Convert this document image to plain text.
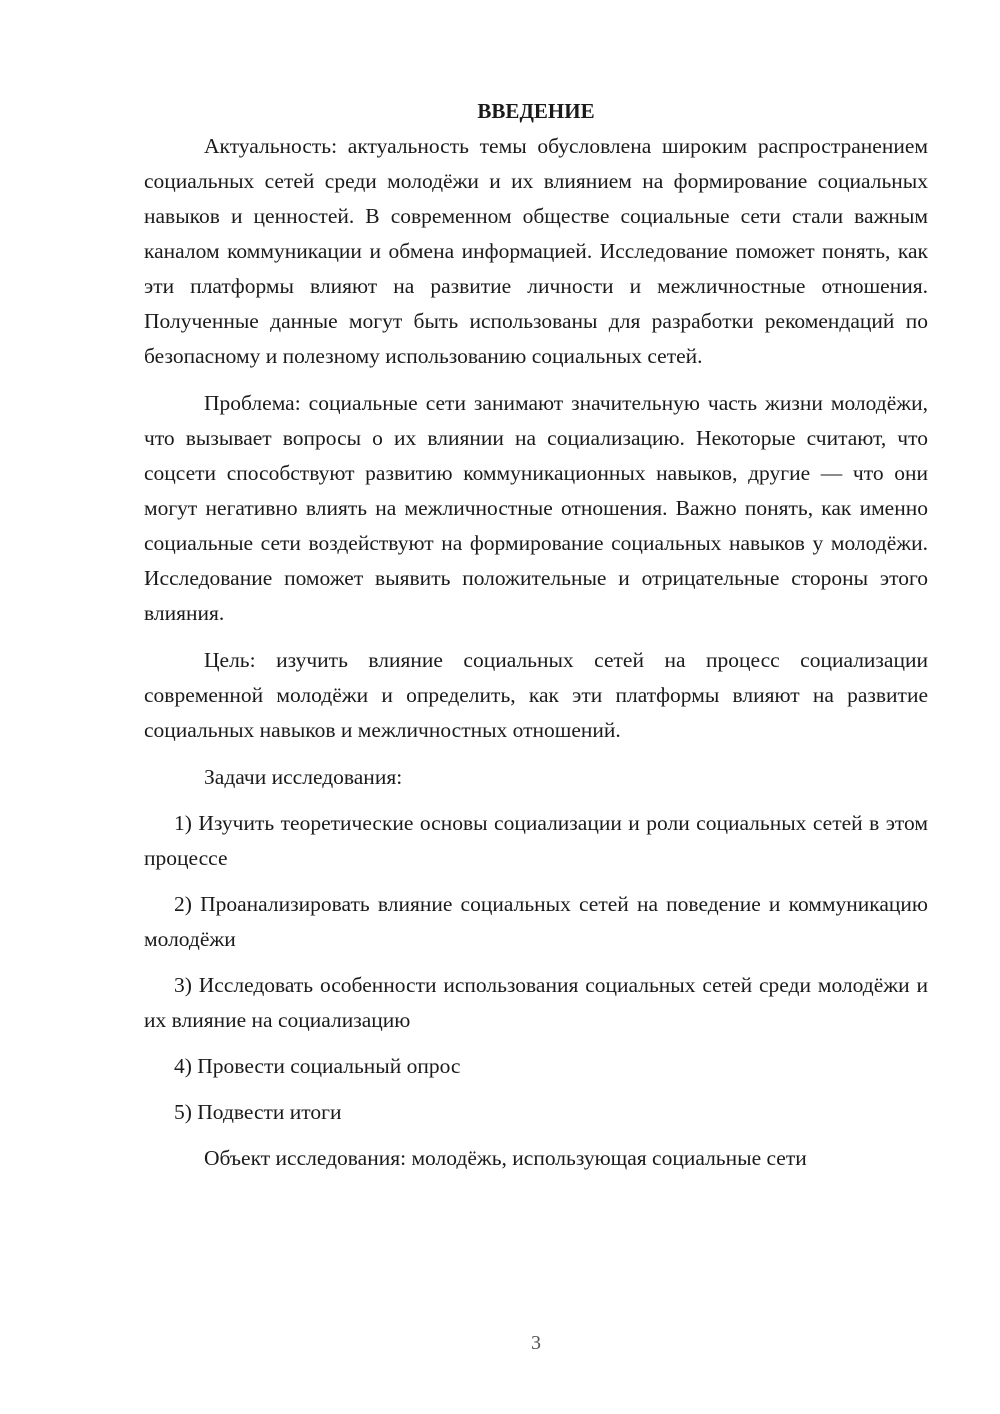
ВВЕДЕНИЕ

Актуальность: актуальность темы обусловлена широким распространением социальных сетей среди молодёжи и их влиянием на формирование социальных навыков и ценностей. В современном обществе социальные сети стали важным каналом коммуникации и обмена информацией. Исследование поможет понять, как эти платформы влияют на развитие личности и межличностные отношения. Полученные данные могут быть использованы для разработки рекомендаций по безопасному и полезному использованию социальных сетей.

Проблема: социальные сети занимают значительную часть жизни молодёжи, что вызывает вопросы о их влиянии на социализацию. Некоторые считают, что соцсети способствуют развитию коммуникационных навыков, другие — что они могут негативно влиять на межличностные отношения. Важно понять, как именно социальные сети воздействуют на формирование социальных навыков у молодёжи. Исследование поможет выявить положительные и отрицательные стороны этого влияния.

Цель: изучить влияние социальных сетей на процесс социализации современной молодёжи и определить, как эти платформы влияют на развитие социальных навыков и межличностных отношений.

Задачи исследования:

1) Изучить теоретические основы социализации и роли социальных сетей в этом процессе

2) Проанализировать влияние социальных сетей на поведение и коммуникацию молодёжи

3) Исследовать особенности использования социальных сетей среди молодёжи и их влияние на социализацию

4) Провести социальный опрос

5) Подвести итоги

Объект исследования: молодёжь, использующая социальные сети

3
